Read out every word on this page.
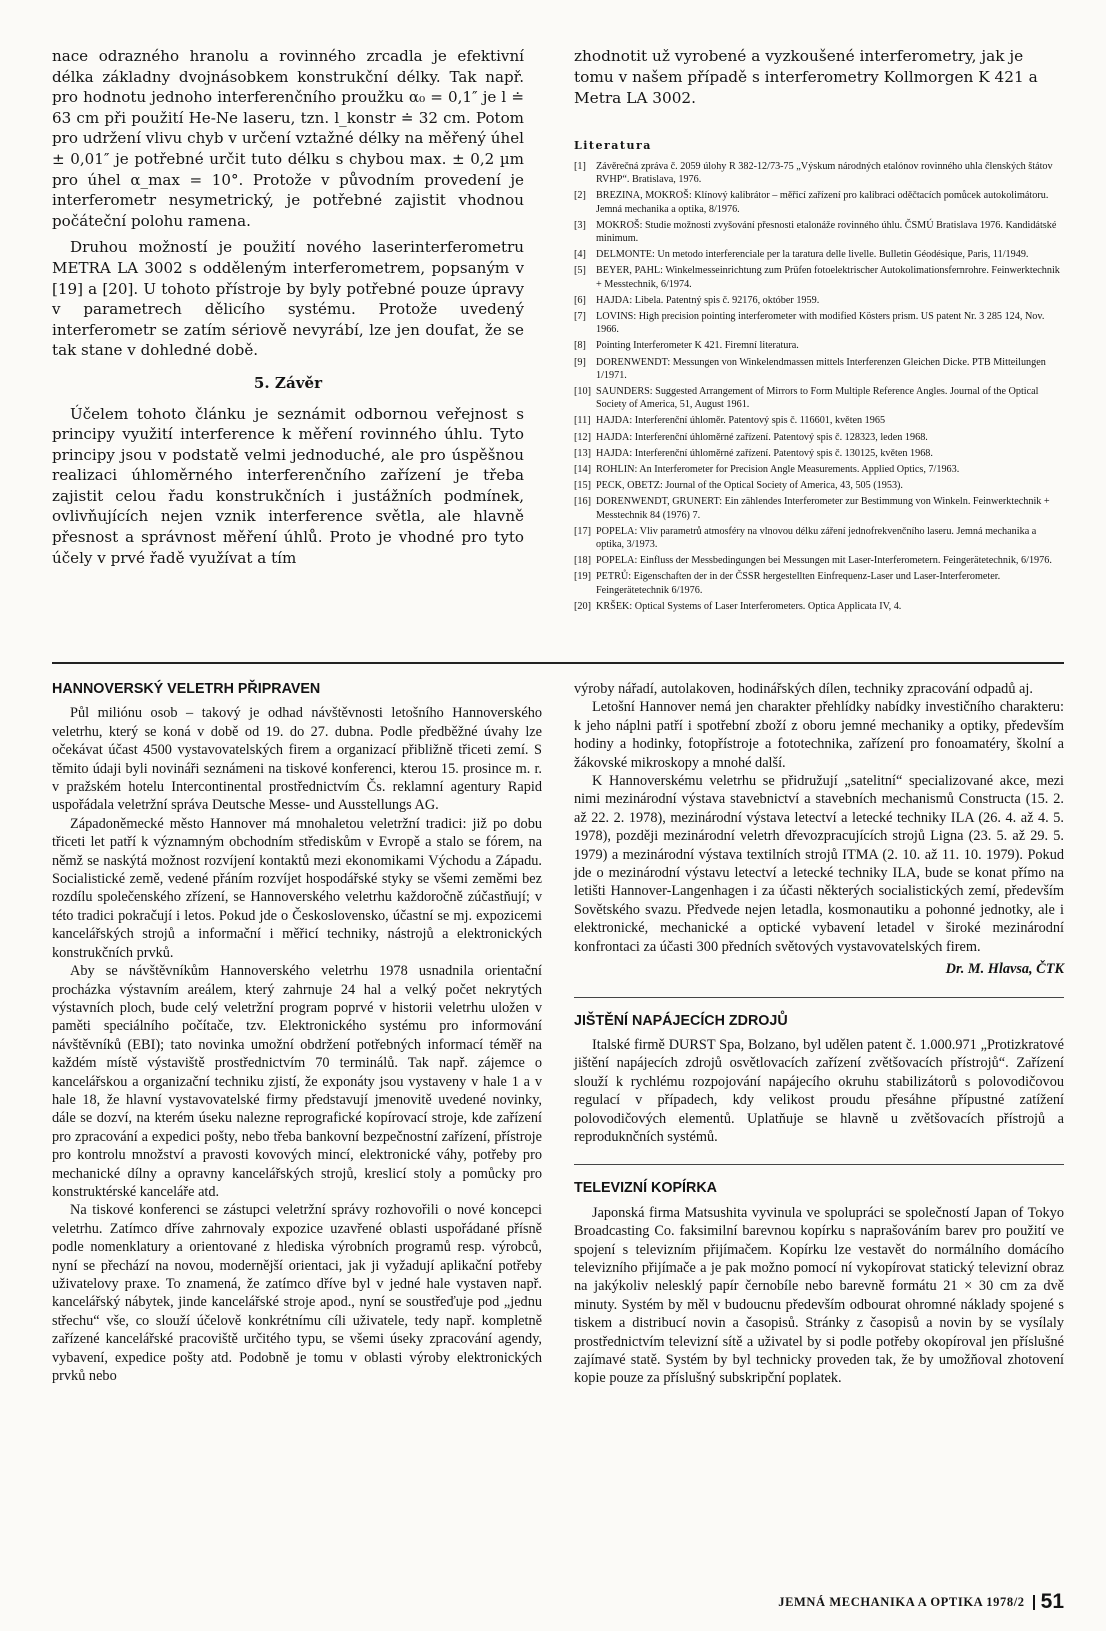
nace odrazného hranolu a rovinného zrcadla je efektivní délka základny dvojnásobkem konstrukční délky. Tak např. pro hodnotu jednoho interferenčního proužku α₀ = 0,1″ je l ≐ 63 cm při použití He-Ne laseru, tzn. l_konstr ≐ 32 cm. Potom pro udržení vlivu chyb v určení vztažné délky na měřený úhel ± 0,01″ je potřebné určit tuto délku s chybou max. ± 0,2 µm pro úhel α_max = 10°. Protože v původním provedení je interferometr nesymetrický, je potřebné zajistit vhodnou počáteční polohu ramena.

Druhou možností je použití nového laserinterferometru METRA LA 3002 s odděleným interferometrem, popsaným v [19] a [20]. U tohoto přístroje by byly potřebné pouze úpravy v parametrech dělicího systému. Protože uvedený interferometr se zatím sériově nevyrábí, lze jen doufat, že se tak stane v dohledné době.

5. Závěr

Účelem tohoto článku je seznámit odbornou veřejnost s principy využití interference k měření rovinného úhlu. Tyto principy jsou v podstatě velmi jednoduché, ale pro úspěšnou realizaci úhloměrného interferenčního zařízení je třeba zajistit celou řadu konstrukčních i justážních podmínek, ovlivňujících nejen vznik interference světla, ale hlavně přesnost a správnost měření úhlů. Proto je vhodné pro tyto účely v prvé řadě využívat a tím

zhodnotit už vyrobené a vyzkoušené interferometry, jak je tomu v našem případě s interferometry Kollmorgen K 421 a Metra LA 3002.

Literatura
[1] Závěrečná zpráva č. 2059 úlohy R 382-12/73-75 „Výskum národných etalónov rovinného uhla členských štátov RVHP“. Bratislava, 1976.
[2] BREZINA, MOKROŠ: Klínový kalibrátor – měřicí zařízení pro kalibraci oděčtacích pomůcek autokolimátoru. Jemná mechanika a optika, 8/1976.
[3] MOKROŠ: Studie možnosti zvyšování přesnosti etalonáže rovinného úhlu. ČSMÚ Bratislava 1976. Kandidátské minimum.
[4] DELMONTE: Un metodo interferenciale per la taratura delle livelle. Bulletin Géodésique, Paris, 11/1949.
[5] BEYER, PAHL: Winkelmesseinrichtung zum Prüfen fotoelektrischer Autokolimationsfernrohre. Feinwerktechnik + Messtechnik, 6/1974.
[6] HAJDA: Libela. Patentný spis č. 92176, október 1959.
[7] LOVINS: High precision pointing interferometer with modified Kösters prism. US patent Nr. 3 285 124, Nov. 1966.
[8] Pointing Interferometer K 421. Firemní literatura.
[9] DORENWENDT: Messungen von Winkelendmassen mittels Interferenzen Gleichen Dicke. PTB Mitteilungen 1/1971.
[10] SAUNDERS: Suggested Arrangement of Mirrors to Form Multiple Reference Angles. Journal of the Optical Society of America, 51, August 1961.
[11] HAJDA: Interferenční úhloměr. Patentový spis č. 116601, květen 1965
[12] HAJDA: Interferenční úhloměrné zařízení. Patentový spis č. 128323, leden 1968.
[13] HAJDA: Interferenční úhloměrné zařízení. Patentový spis č. 130125, květen 1968.
[14] ROHLIN: An Interferometer for Precision Angle Measurements. Applied Optics, 7/1963.
[15] PECK, OBETZ: Journal of the Optical Society of America, 43, 505 (1953).
[16] DORENWENDT, GRUNERT: Ein zählendes Interferometer zur Bestimmung von Winkeln. Feinwerktechnik + Messtechnik 84 (1976) 7.
[17] POPELA: Vliv parametrů atmosféry na vlnovou délku záření jednofrekvenčního laseru. Jemná mechanika a optika, 3/1973.
[18] POPELA: Einfluss der Messbedingungen bei Messungen mit Laser-Interferometern. Feingerätetechnik, 6/1976.
[19] PETRŮ: Eigenschaften der in der ČSSR hergestellten Einfrequenz-Laser und Laser-Interferometer. Feingerätetechnik 6/1976.
[20] KRŠEK: Optical Systems of Laser Interferometers. Optica Applicata IV, 4.
HANNOVERSKÝ VELETRH PŘIPRAVEN

Půl miliónu osob – takový je odhad návštěvnosti letošního Hannoverského veletrhu, který se koná v době od 19. do 27. dubna. Podle předběžné úvahy lze očekávat účast 4500 vystavovatelských firem a organizací přibližně třiceti zemí. S těmito údaji byli novináři seznámeni na tiskové konferenci, kterou 15. prosince m. r. v pražském hotelu Intercontinental prostřednictvím Čs. reklamní agentury Rapid uspořádala veletržní správa Deutsche Messe- und Ausstellungs AG.

Západoněmecké město Hannover má mnohaletou veletržní tradici: již po dobu třiceti let patří k významným obchodním střediskům v Evropě a stalo se fórem, na němž se naskýtá možnost rozvíjení kontaktů mezi ekonomikami Východu a Západu. Socialistické země, vedené přáním rozvíjet hospodářské styky se všemi zeměmi bez rozdílu společenského zřízení, se Hannoverského veletrhu každoročně zúčastňují; v této tradici pokračují i letos. Pokud jde o Československo, účastní se mj. expozicemi kancelářských strojů a informační i měřicí techniky, nástrojů a elektronických konstrukčních prvků.

Aby se návštěvníkům Hannoverského veletrhu 1978 usnadnila orientační procházka výstavním areálem, který zahrnuje 24 hal a velký počet nekrytých výstavních ploch, bude celý veletržní program poprvé v historii veletrhu uložen v paměti speciálního počítače, tzv. Elektronického systému pro informování návštěvníků (EBI); tato novinka umožní obdržení potřebných informací téměř na každém místě výstaviště prostřednictvím 70 terminálů. Tak např. zájemce o kancelářskou a organizační techniku zjistí, že exponáty jsou vystaveny v hale 1 a v hale 18, že hlavní vystavovatelské firmy představují jmenovitě uvedené novinky, dále se dozví, na kterém úseku nalezne reprografické kopírovací stroje, kde zařízení pro zpracování a expedici pošty, nebo třeba bankovní bezpečnostní zařízení, přístroje pro kontrolu množství a pravosti kovových mincí, elektronické váhy, potřeby pro mechanické dílny a opravny kancelářských strojů, kreslicí stoly a pomůcky pro konstruktérské kanceláře atd.

Na tiskové konferenci se zástupci veletržní správy rozhovořili o nové koncepci veletrhu. Zatímco dříve zahrnovaly expozice uzavřené oblasti uspořádané přísně podle nomenklatury a orientované z hlediska výrobních programů resp. výrobců, nyní se přechází na novou, modernější orientaci, jak ji vyžadují aplikační potřeby uživatelovy praxe. To znamená, že zatímco dříve byl v jedné hale vystaven např. kancelářský nábytek, jinde kancelářské stroje apod., nyní se soustřeďuje pod „jednu střechu“ vše, co slouží účelově konkrétnímu cíli uživatele, tedy např. kompletně zařízené kancelářské pracoviště určitého typu, se všemi úseky zpracování agendy, vybavení, expedice pošty atd. Podobně je tomu v oblasti výroby elektronických prvků nebo

výroby nářadí, autolakoven, hodinářských dílen, techniky zpracování odpadů aj.

Letošní Hannover nemá jen charakter přehlídky nabídky investičního charakteru: k jeho náplni patří i spotřební zboží z oboru jemné mechaniky a optiky, především hodiny a hodinky, fotopřístroje a fototechnika, zařízení pro fonoamatéry, školní a žákovské mikroskopy a mnohé další.

K Hannoverskému veletrhu se přidružují „satelitní“ specializované akce, mezi nimi mezinárodní výstava stavebnictví a stavebních mechanismů Constructa (15. 2. až 22. 2. 1978), mezinárodní výstava letectví a letecké techniky ILA (26. 4. až 4. 5. 1978), později mezinárodní veletrh dřevozpracujících strojů Ligna (23. 5. až 29. 5. 1979) a mezinárodní výstava textilních strojů ITMA (2. 10. až 11. 10. 1979). Pokud jde o mezinárodní výstavu letectví a letecké techniky ILA, bude se konat přímo na letišti Hannover-Langenhagen i za účasti některých socialistických zemí, především Sovětského svazu. Předvede nejen letadla, kosmonautiku a pohonné jednotky, ale i elektronické, mechanické a optické vybavení letadel v široké mezinárodní konfrontaci za účasti 300 předních světových vystavovatelských firem.

Dr. M. Hlavsa, ČTK

JIŠTĚNÍ NAPÁJECÍCH ZDROJŮ

Italské firmě DURST Spa, Bolzano, byl udělen patent č. 1.000.971 „Protizkratové jištění napájecích zdrojů osvětlovacích zařízení zvětšovacích přístrojů“. Zařízení slouží k rychlému rozpojování napájecího okruhu stabilizátorů s polovodičovou regulací v případech, kdy velikost proudu přesáhne přípustné zatížení polovodičových elementů. Uplatňuje se hlavně u zvětšovacích přístrojů a reproduknčních systémů.

TELEVIZNÍ KOPÍRKA

Japonská firma Matsushita vyvinula ve spolupráci se společností Japan of Tokyo Broadcasting Co. faksimilní barevnou kopírku s naprašováním barev pro použití ve spojení s televizním přijímačem. Kopírku lze vestavět do normálního domácího televizního přijímače a je pak možno pomocí ní vykopírovat statický televizní obraz na jakýkoliv nelesklý papír černobíle nebo barevně formátu 21 × 30 cm za dvě minuty. Systém by měl v budoucnu především odbourat ohromné náklady spojené s tiskem a distribucí novin a časopisů. Stránky z časopisů a novin by se vysílaly prostřednictvím televizní sítě a uživatel by si podle potřeby okopíroval jen příslušné zajímavé statě. Systém by byl technicky proveden tak, že by umožňoval zhotovení kopie pouze za příslušný subskripční poplatek.

JEMNÁ MECHANIKA A OPTIKA 1978/2 51
